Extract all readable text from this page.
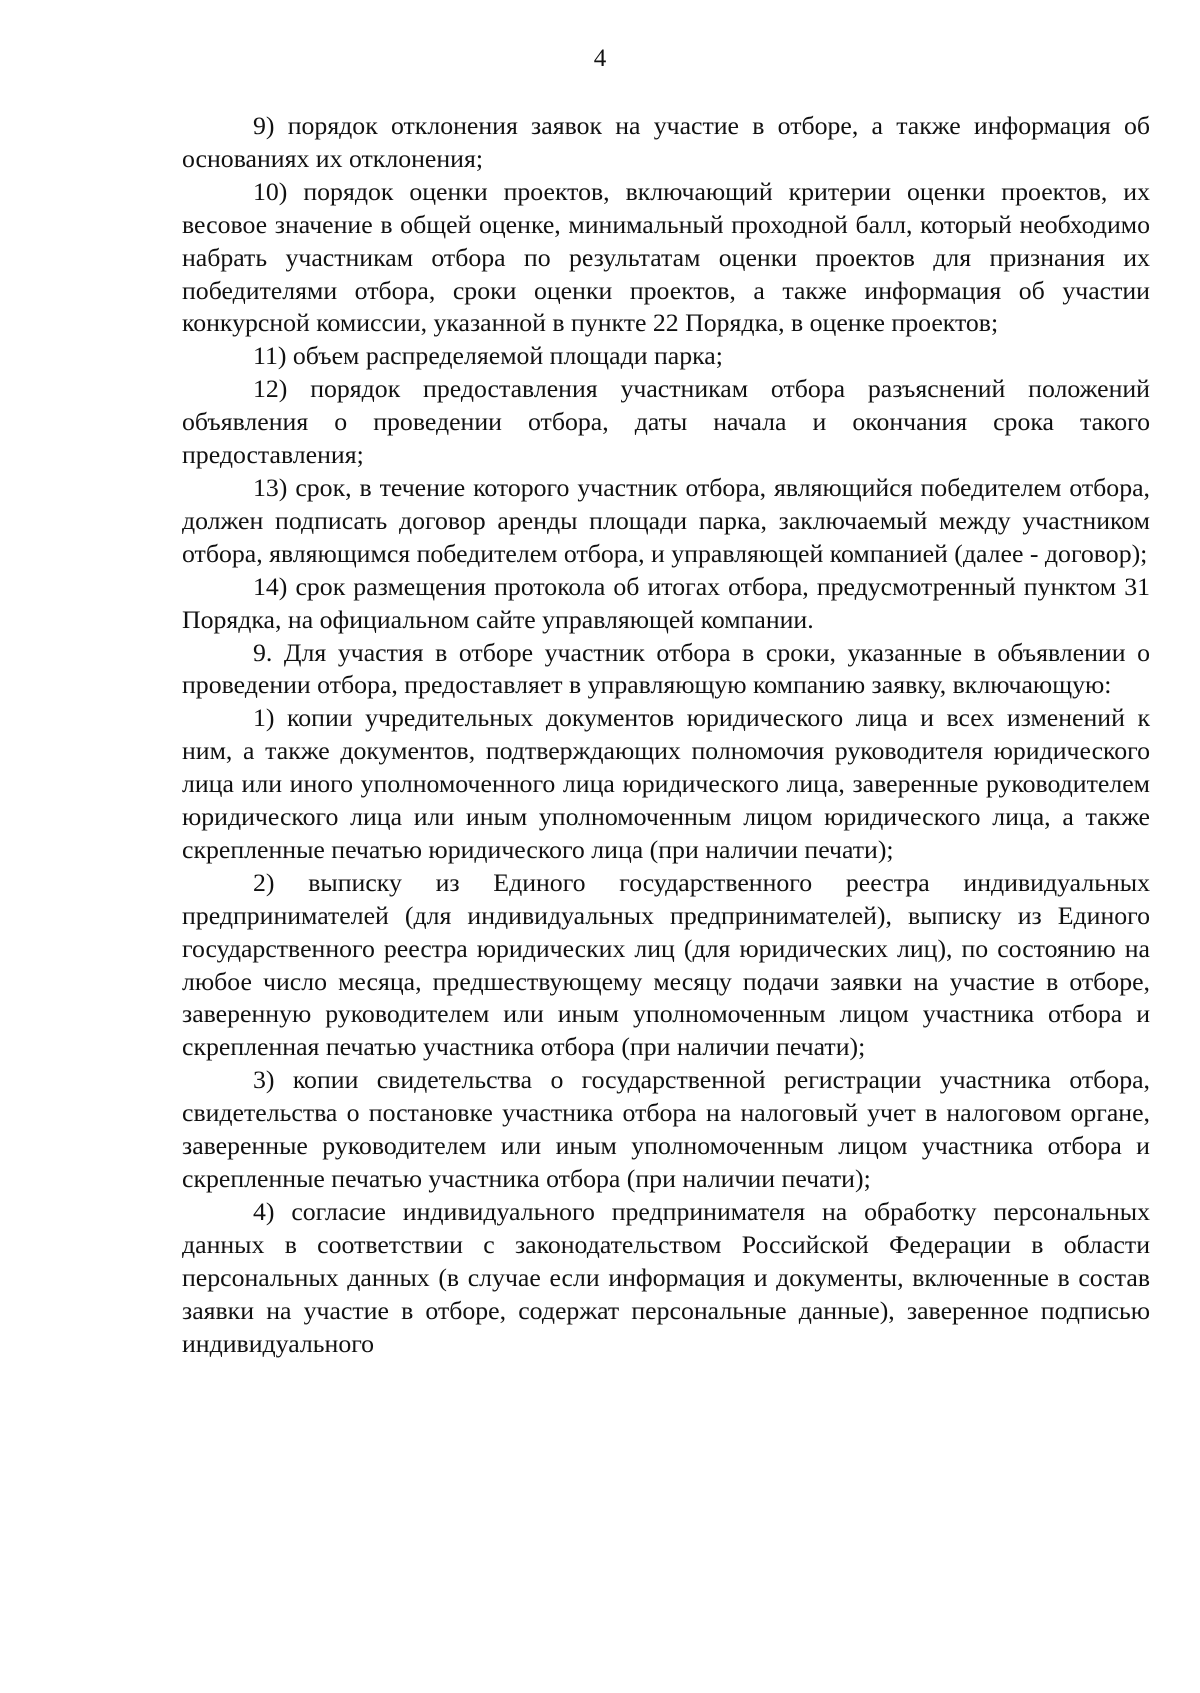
4

9) порядок отклонения заявок на участие в отборе, а также информация об основаниях их отклонения;

10) порядок оценки проектов, включающий критерии оценки проектов, их весовое значение в общей оценке, минимальный проходной балл, который необходимо набрать участникам отбора по результатам оценки проектов для признания их победителями отбора, сроки оценки проектов, а также информация об участии конкурсной комиссии, указанной в пункте 22 Порядка, в оценке проектов;

11) объем распределяемой площади парка;

12) порядок предоставления участникам отбора разъяснений положений объявления о проведении отбора, даты начала и окончания срока такого предоставления;

13) срок, в течение которого участник отбора, являющийся победителем отбора, должен подписать договор аренды площади парка, заключаемый между участником отбора, являющимся победителем отбора, и управляющей компанией (далее - договор);

14) срок размещения протокола об итогах отбора, предусмотренный пунктом 31 Порядка, на официальном сайте управляющей компании.

9. Для участия в отборе участник отбора в сроки, указанные в объявлении о проведении отбора, предоставляет в управляющую компанию заявку, включающую:

1) копии учредительных документов юридического лица и всех изменений к ним, а также документов, подтверждающих полномочия руководителя юридического лица или иного уполномоченного лица юридического лица, заверенные руководителем юридического лица или иным уполномоченным лицом юридического лица, а также скрепленные печатью юридического лица (при наличии печати);

2) выписку из Единого государственного реестра индивидуальных предпринимателей (для индивидуальных предпринимателей), выписку из Единого государственного реестра юридических лиц (для юридических лиц), по состоянию на любое число месяца, предшествующему месяцу подачи заявки на участие в отборе, заверенную руководителем или иным уполномоченным лицом участника отбора и скрепленная печатью участника отбора (при наличии печати);

3) копии свидетельства о государственной регистрации участника отбора, свидетельства о постановке участника отбора на налоговый учет в налоговом органе, заверенные руководителем или иным уполномоченным лицом участника отбора и скрепленные печатью участника отбора (при наличии печати);

4) согласие индивидуального предпринимателя на обработку персональных данных в соответствии с законодательством Российской Федерации в области персональных данных (в случае если информация и документы, включенные в состав заявки на участие в отборе, содержат персональные данные), заверенное подписью индивидуального
